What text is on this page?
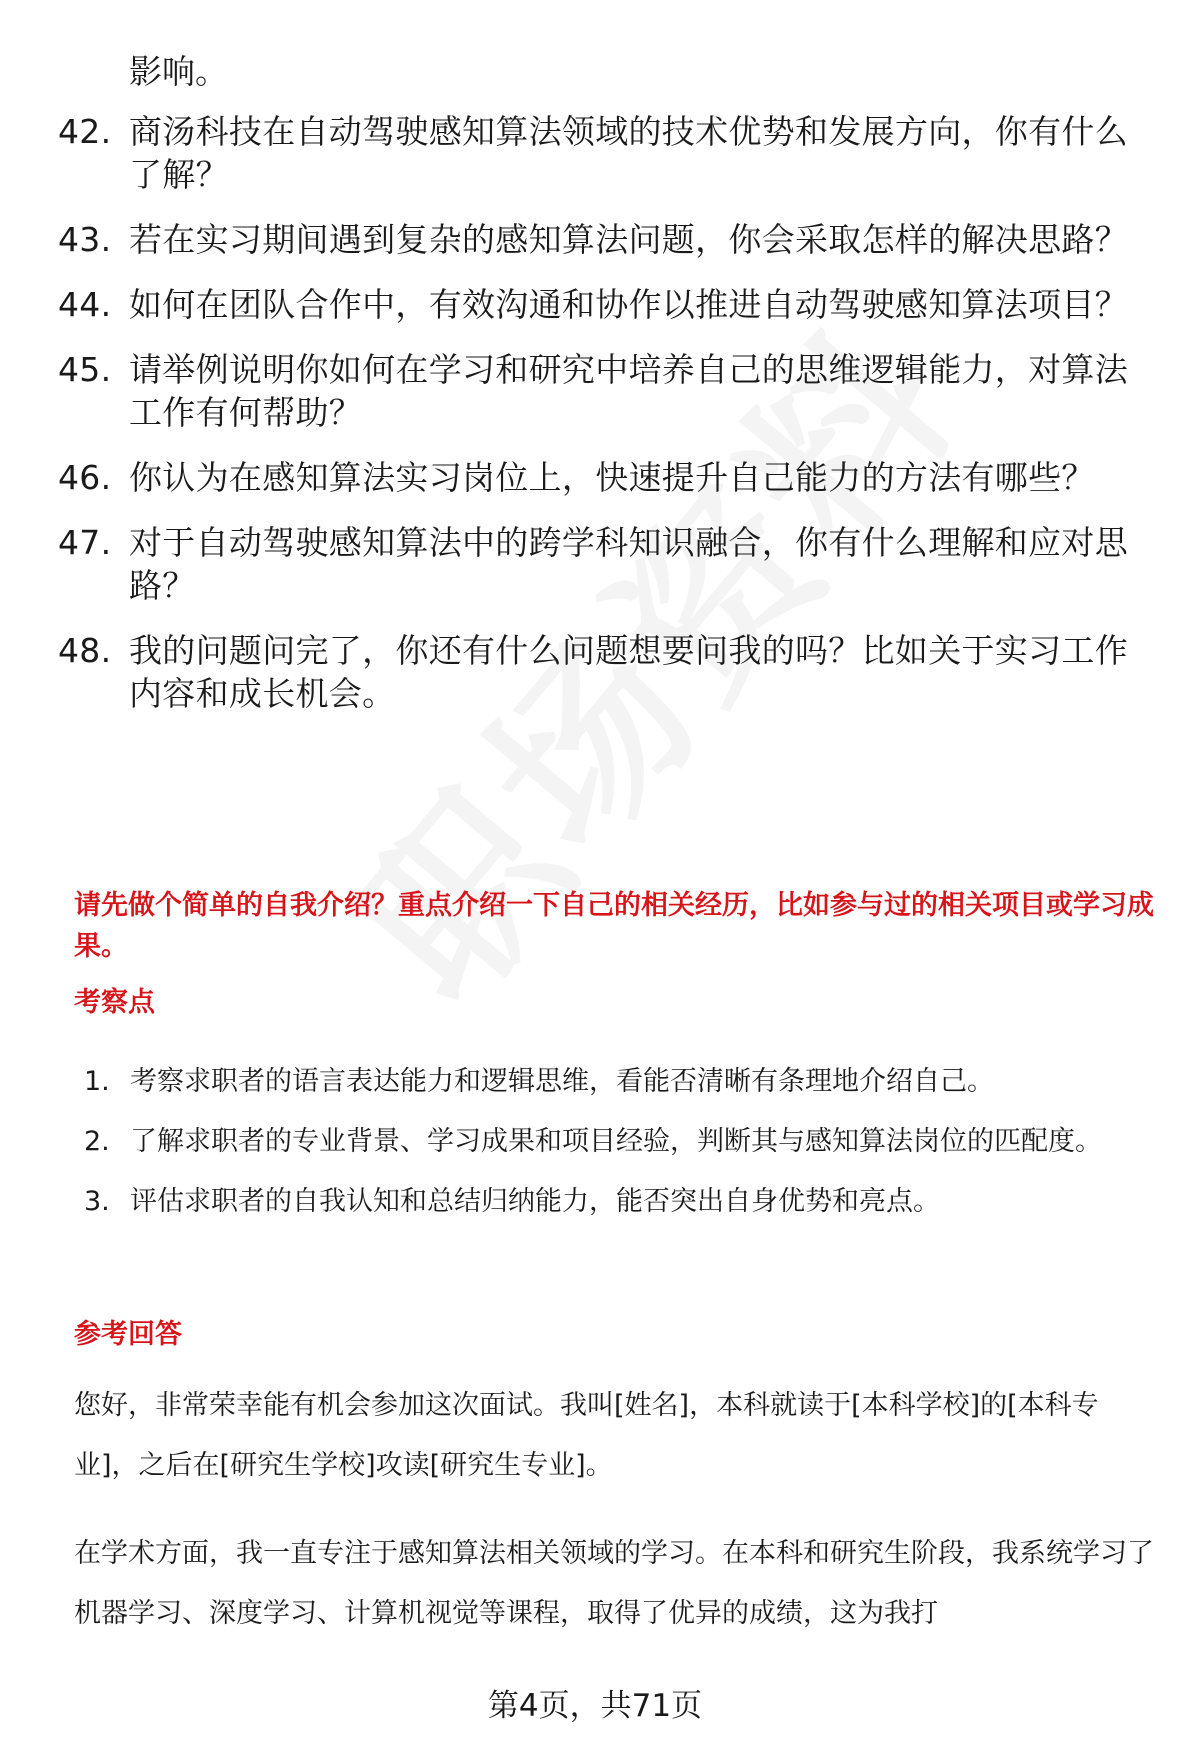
影响。

42. 商汤科技在自动驾驶感知算法领域的技术优势和发展方向，你有什么了解？
43. 若在实习期间遇到复杂的感知算法问题，你会采取怎样的解决思路？
44. 如何在团队合作中，有效沟通和协作以推进自动驾驶感知算法项目？
45. 请举例说明你如何在学习和研究中培养自己的思维逻辑能力，对算法工作有何帮助？
46. 你认为在感知算法实习岗位上，快速提升自己能力的方法有哪些？
47. 对于自动驾驶感知算法中的跨学科知识融合，你有什么理解和应对思路？
48. 我的问题问完了，你还有什么问题想要问我的吗？比如关于实习工作内容和成长机会。

请先做个简单的自我介绍？重点介绍一下自己的相关经历，比如参与过的相关项目或学习成果。

考察点
1. 考察求职者的语言表达能力和逻辑思维，看能否清晰有条理地介绍自己。
2. 了解求职者的专业背景、学习成果和项目经验，判断其与感知算法岗位的匹配度。
3. 评估求职者的自我认知和总结归纳能力，能否突出自身优势和亮点。
参考回答

您好，非常荣幸能有机会参加这次面试。我叫[姓名]，本科就读于[本科学校]的[本科专业]，之后在[研究生学校]攻读[研究生专业]。

在学术方面，我一直专注于感知算法相关领域的学习。在本科和研究生阶段，我系统学习了机器学习、深度学习、计算机视觉等课程，取得了优异的成绩，这为我打

第4页，共71页
